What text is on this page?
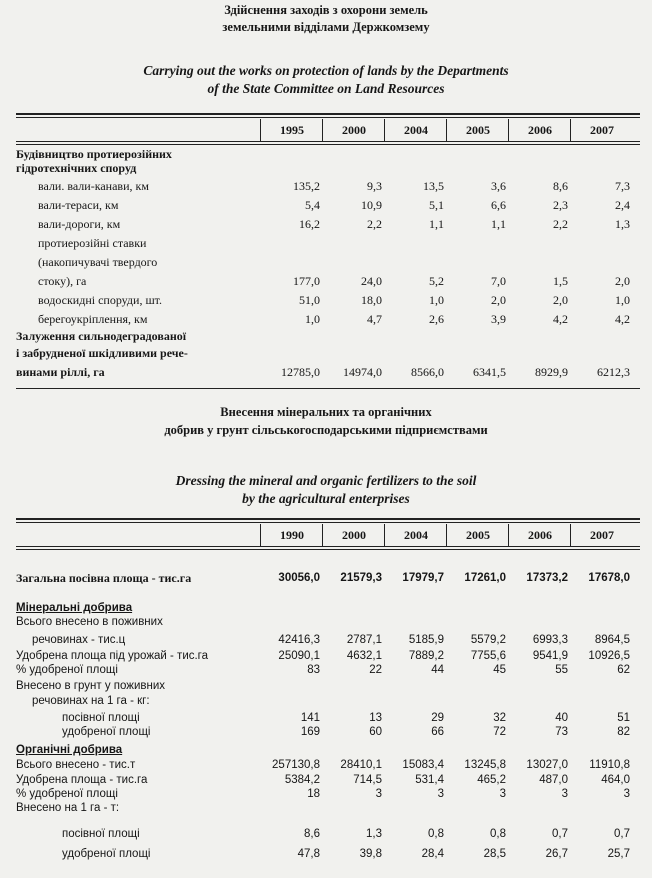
Здійснення заходів з охорони земель
земельними відділами Держкомзему
Carrying out the works on protection of lands by the Departments
of the State Committee on Land Resources
1995	2000	2004	2005	2006	2007
Будівництво протиерозійних
гідротехнічних споруд
вали. вали-канави, км	135,2	9,3	13,5	3,6	8,6	7,3
вали-тераси, км	5,4	10,9	5,1	6,6	2,3	2,4
вали-дороги, км	16,2	2,2	1,1	1,1	2,2	1,3
протиерозійні ставки
(накопичувачі твердого
стоку), га	177,0	24,0	5,2	7,0	1,5	2,0
водоскидні споруди, шт.	51,0	18,0	1,0	2,0	2,0	1,0
берегоукріплення, км	1,0	4,7	2,6	3,9	4,2	4,2
Залуження сильнодеградованої
і забрудненої шкідливими рече-
винами ріллі, га	12785,0	14974,0	8566,0	6341,5	8929,9	6212,3
Внесення мінеральних та органічних
добрив у грунт сільськогосподарськими підприємствами
Dressing the mineral and organic fertilizers to the soil
by the agricultural enterprises
1990	2000	2004	2005	2006	2007
Загальна посівна площа - тис.га	30056,0	21579,3	17979,7	17261,0	17373,2	17678,0
Мінеральні добрива
Всього внесено в поживних
речовинах - тис.ц	42416,3	2787,1	5185,9	5579,2	6993,3	8964,5
Удобрена площа під урожай - тис.га	25090,1	4632,1	7889,2	7755,6	9541,9	10926,5
% удобреної площі	83	22	44	45	55	62
Внесено в грунт у поживних
речовинах на 1 га - кг:
посівної площі	141	13	29	32	40	51
удобреної площі	169	60	66	72	73	82
Органічні добрива
Всього внесено - тис.т	257130,8	28410,1	15083,4	13245,8	13027,0	11910,8
Удобрена площа - тис.га	5384,2	714,5	531,4	465,2	487,0	464,0
% удобреної площі	18	3	3	3	3	3
Внесено на 1 га - т:
посівної площі	8,6	1,3	0,8	0,8	0,7	0,7
удобреної площі	47,8	39,8	28,4	28,5	26,7	25,7
